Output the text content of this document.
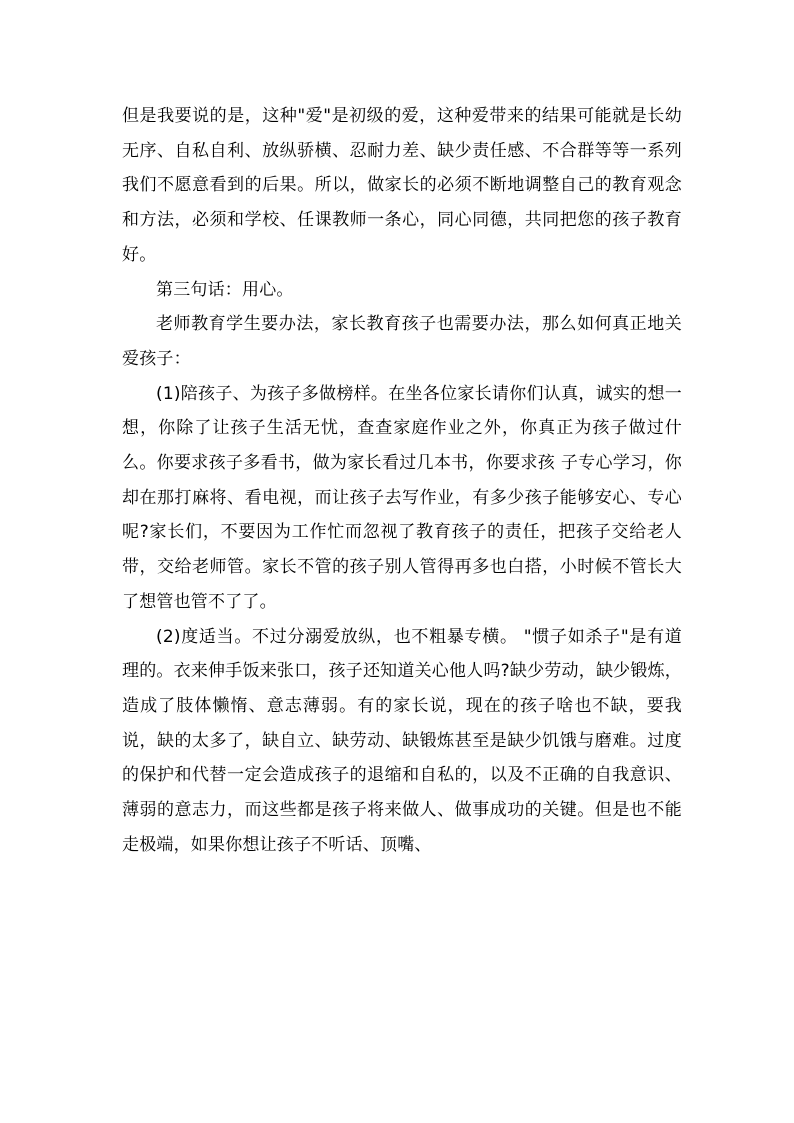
但是我要说的是，这种"爱"是初级的爱，这种爱带来的结果可能就是长幼无序、自私自利、放纵骄横、忍耐力差、缺少责任感、不合群等等一系列我们不愿意看到的后果。所以，做家长的必须不断地调整自己的教育观念和方法，必须和学校、任课教师一条心，同心同德，共同把您的孩子教育好。

第三句话：用心。

老师教育学生要办法，家长教育孩子也需要办法，那么如何真正地关爱孩子：

(1)陪孩子、为孩子多做榜样。在坐各位家长请你们认真，诚实的想一想，你除了让孩子生活无忧，查查家庭作业之外，你真正为孩子做过什么。你要求孩子多看书，做为家长看过几本书，你要求孩 子专心学习，你却在那打麻将、看电视，而让孩子去写作业，有多少孩子能够安心、专心呢?家长们，不要因为工作忙而忽视了教育孩子的责任，把孩子交给老人带，交给老师管。家长不管的孩子别人管得再多也白搭，小时候不管长大了想管也管不了了。

(2)度适当。不过分溺爱放纵，也不粗暴专横。 "惯子如杀子"是有道理的。衣来伸手饭来张口，孩子还知道关心他人吗?缺少劳动，缺少锻炼，造成了肢体懒惰、意志薄弱。有的家长说，现在的孩子啥也不缺，要我说，缺的太多了，缺自立、缺劳动、缺锻炼甚至是缺少饥饿与磨难。过度的保护和代替一定会造成孩子的退缩和自私的，以及不正确的自我意识、薄弱的意志力，而这些都是孩子将来做人、做事成功的关键。但是也不能走极端，如果你想让孩子不听话、顶嘴、
